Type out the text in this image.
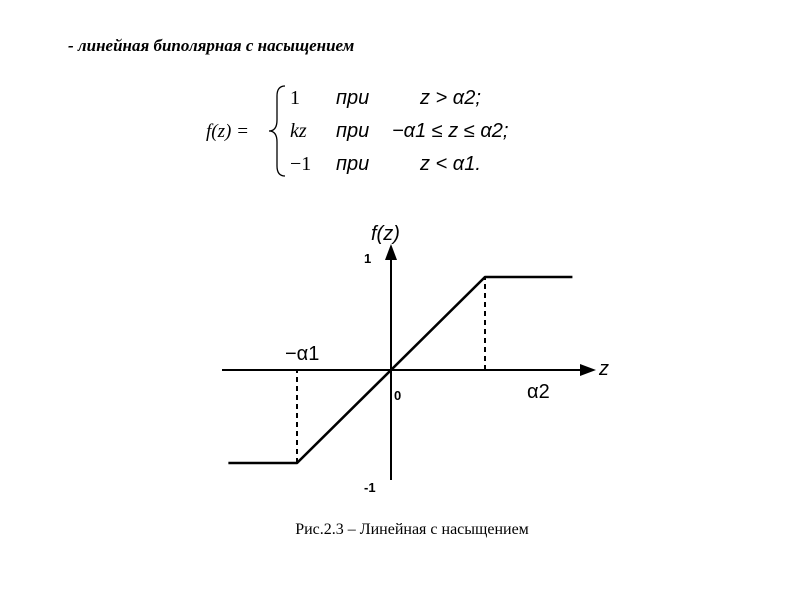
- линейная биполярная с насыщением
f(z) =
1 при	z > α2;
kz при −α1 ≤ z ≤ α2;
−1 при	z < α1.
−α1
0	α2
1
-1
f(z)
z
Рис.2.3 – Линейная с насыщением
